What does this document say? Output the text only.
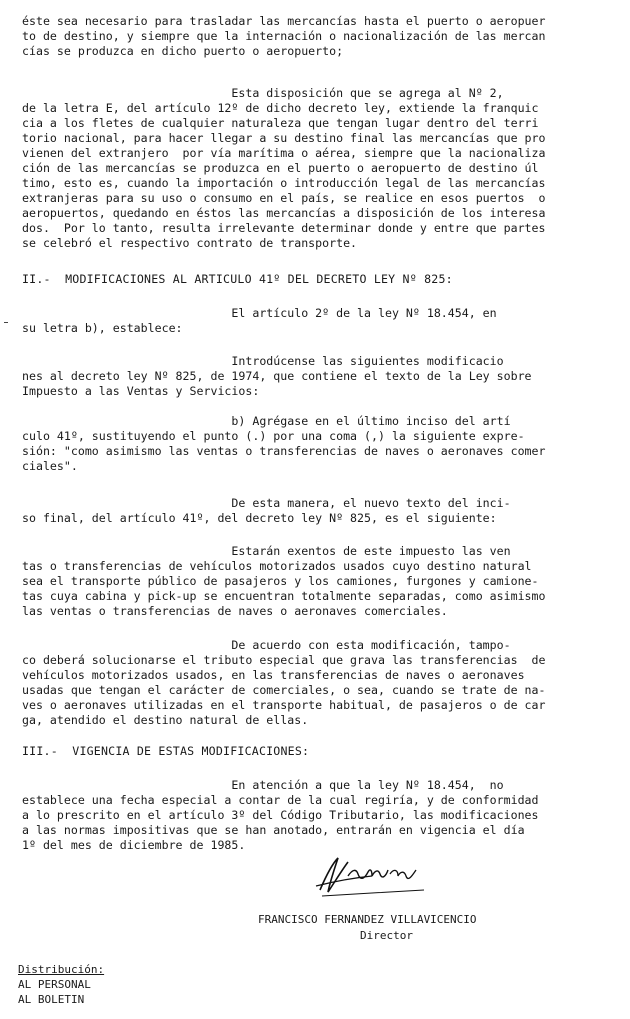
éste sea necesario para trasladar las mercancías hasta el puerto o aeropuer
to de destino, y siempre que la internación o nacionalización de las mercan
cías se produzca en dicho puerto o aeropuerto;
Esta disposición que se agrega al Nº 2,
de la letra E, del artículo 12º de dicho decreto ley, extiende la franquic
cia a los fletes de cualquier naturaleza que tengan lugar dentro del terri
torio nacional, para hacer llegar a su destino final las mercancías que pro
vienen del extranjero  por vía marítima o aérea, siempre que la nacionaliza
ción de las mercancías se produzca en el puerto o aeropuerto de destino úl
timo, esto es, cuando la importación o introducción legal de las mercancías
extranjeras para su uso o consumo en el país, se realice en esos puertos  o
aeropuertos, quedando en éstos las mercancías a disposición de los interesa
dos.  Por lo tanto, resulta irrelevante determinar donde y entre que partes
se celebró el respectivo contrato de transporte.
II.-  MODIFICACIONES AL ARTICULO 41º DEL DECRETO LEY Nº 825:
El artículo 2º de la ley Nº 18.454, en
su letra b), establece:
Introdúcense las siguientes modificacio
nes al decreto ley Nº 825, de 1974, que contiene el texto de la Ley sobre
Impuesto a las Ventas y Servicios:
b) Agrégase en el último inciso del artí
culo 41º, sustituyendo el punto (.) por una coma (,) la siguiente expre-
sión: "como asimismo las ventas o transferencias de naves o aeronaves comer
ciales".
De esta manera, el nuevo texto del inci-
so final, del artículo 41º, del decreto ley Nº 825, es el siguiente:
Estarán exentos de este impuesto las ven
tas o transferencias de vehículos motorizados usados cuyo destino natural
sea el transporte público de pasajeros y los camiones, furgones y camione-
tas cuya cabina y pick-up se encuentran totalmente separadas, como asimismo
las ventas o transferencias de naves o aeronaves comerciales.
De acuerdo con esta modificación, tampo-
co deberá solucionarse el tributo especial que grava las transferencias  de
vehículos motorizados usados, en las transferencias de naves o aeronaves
usadas que tengan el carácter de comerciales, o sea, cuando se trate de na-
ves o aeronaves utilizadas en el transporte habitual, de pasajeros o de car
ga, atendido el destino natural de ellas.
III.-  VIGENCIA DE ESTAS MODIFICACIONES:
En atención a que la ley Nº 18.454,  no
establece una fecha especial a contar de la cual regiría, y de conformidad
a lo prescrito en el artículo 3º del Código Tributario, las modificaciones
a las normas impositivas que se han anotado, entrarán en vigencia el día
1º del mes de diciembre de 1985.
FRANCISCO FERNANDEZ VILLAVICENCIO
Director
Distribución:
AL PERSONAL
AL BOLETIN
